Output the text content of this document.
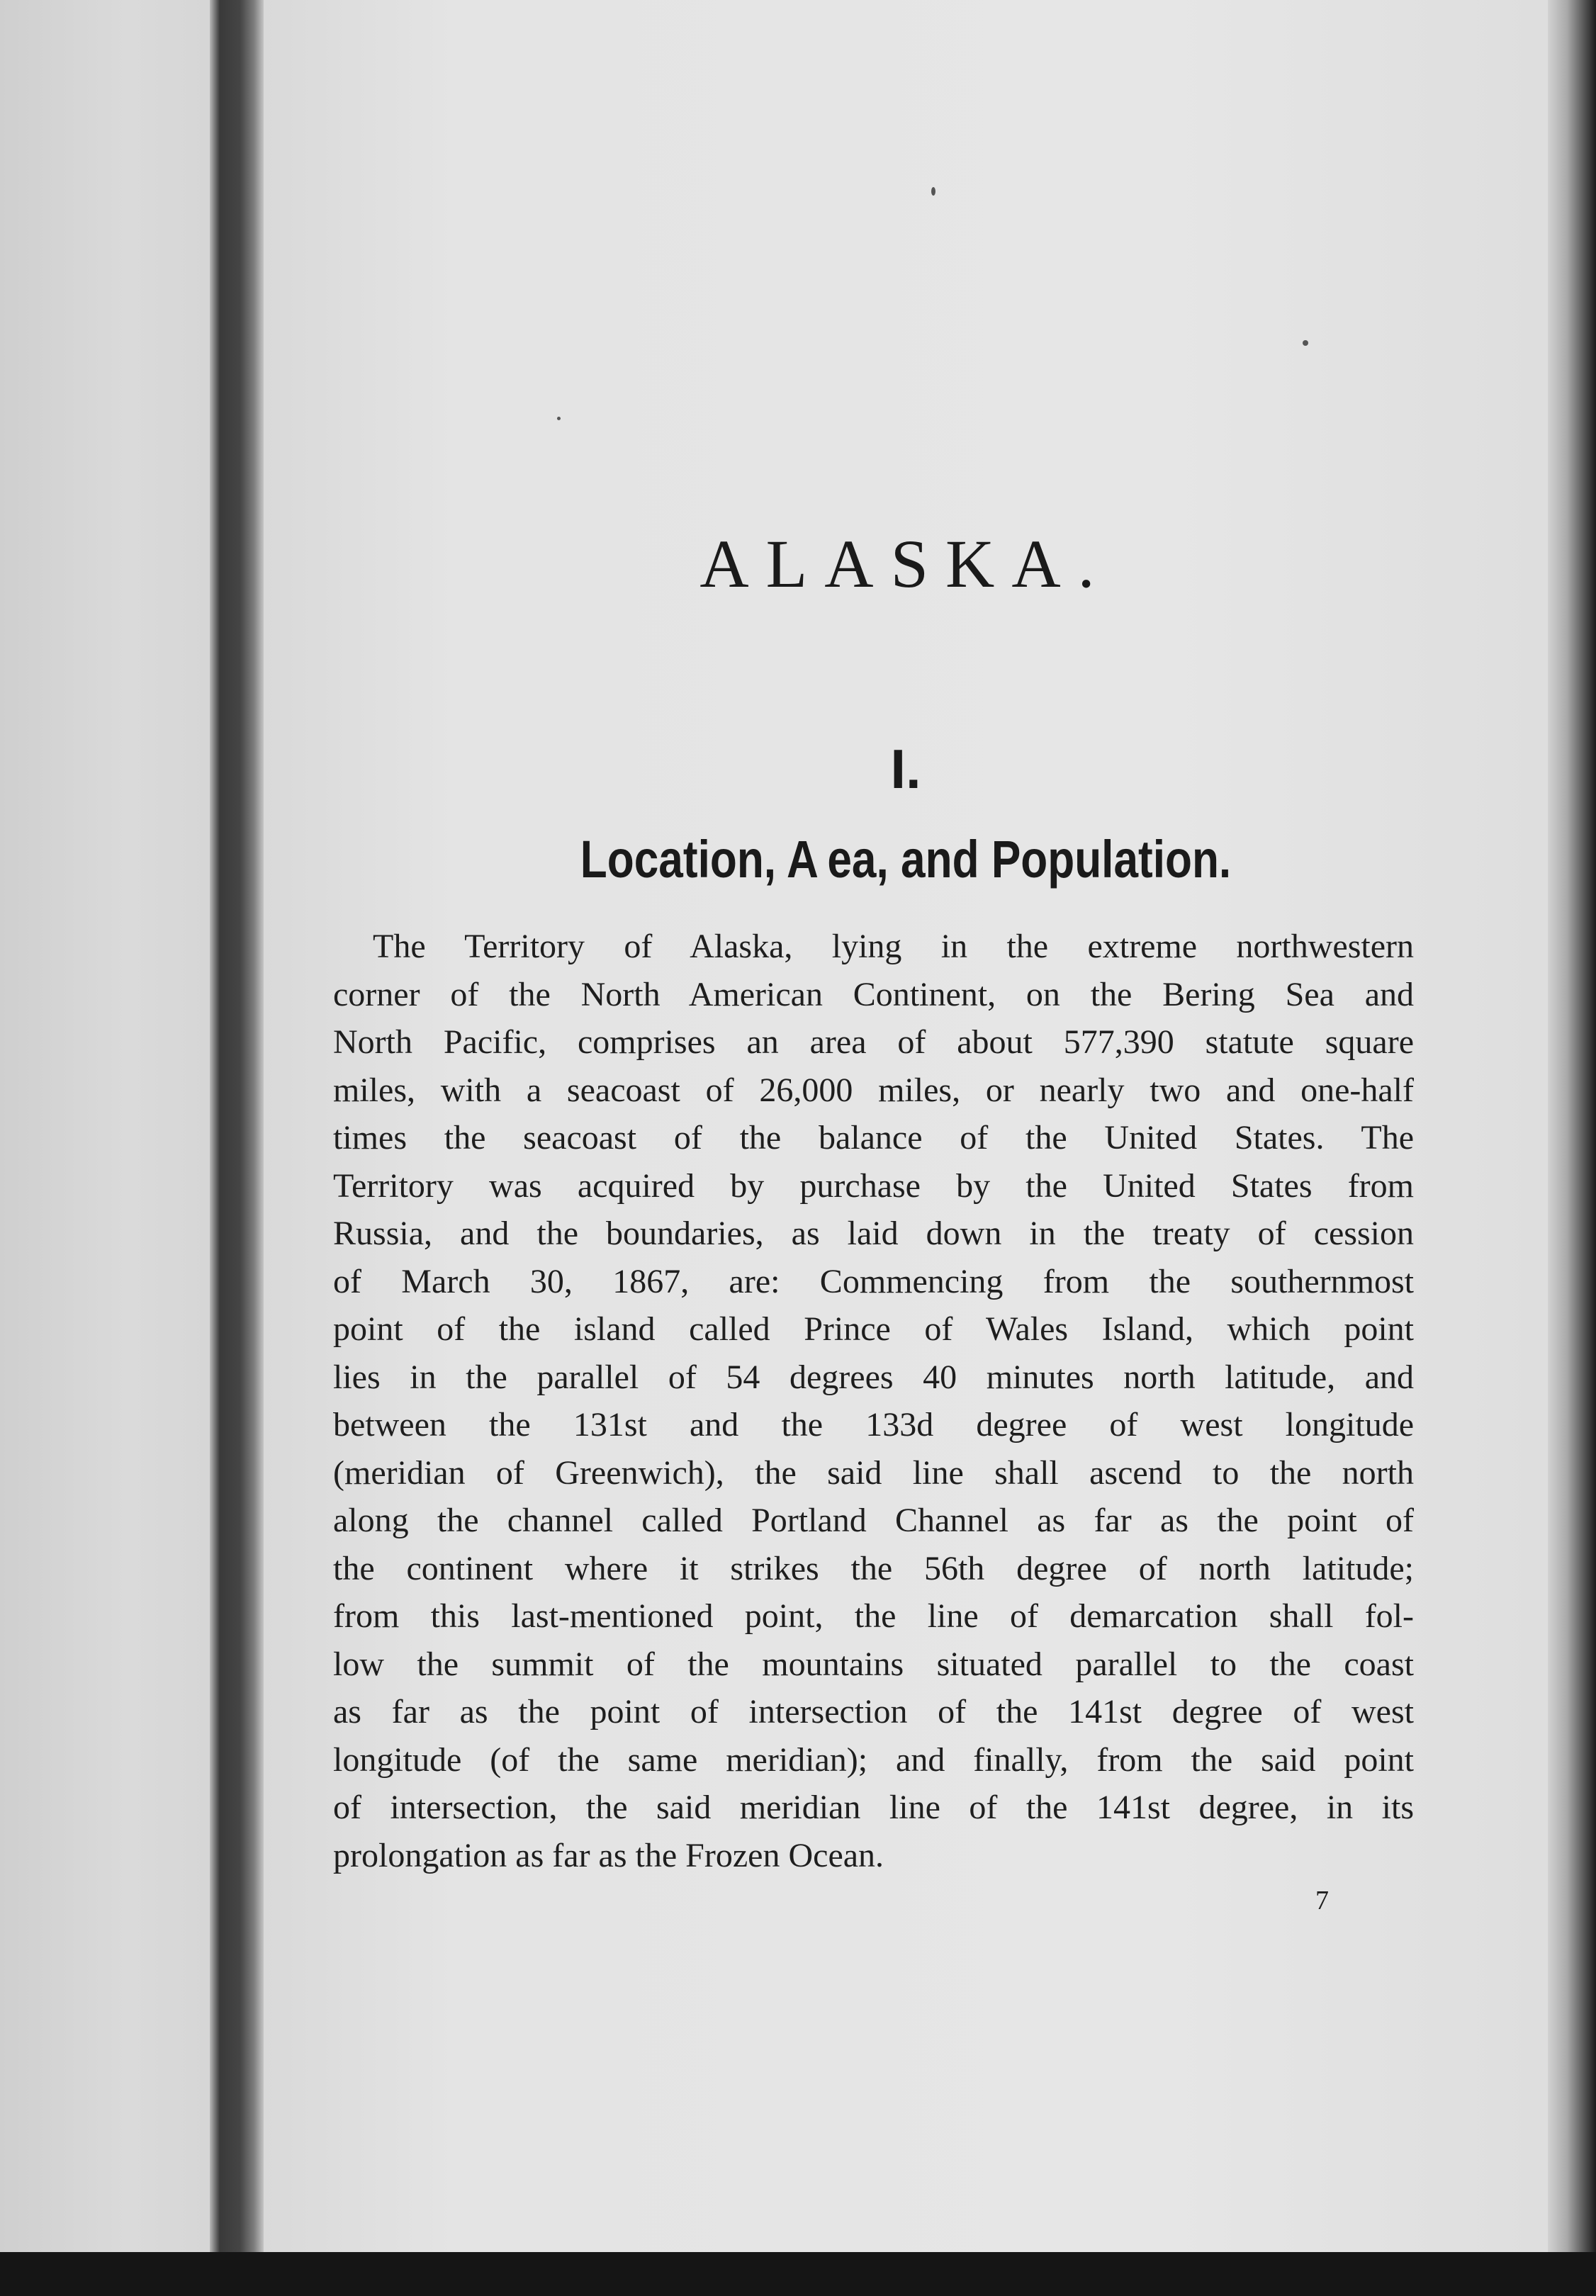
ALASKA.
I.
Location, A ea, and Population.
The Territory of Alaska, lying in the extreme northwestern
corner of the North American Continent, on the Bering Sea and
North Pacific, comprises an area of about 577,390 statute square
miles, with a seacoast of 26,000 miles, or nearly two and one-half
times the seacoast of the balance of the United States. The
Territory was acquired by purchase by the United States from
Russia, and the boundaries, as laid down in the treaty of cession
of March 30, 1867, are: Commencing from the southernmost
point of the island called Prince of Wales Island, which point
lies in the parallel of 54 degrees 40 minutes north latitude, and
between the 131st and the 133d degree of west longitude
(meridian of Greenwich), the said line shall ascend to the north
along the channel called Portland Channel as far as the point of
the continent where it strikes the 56th degree of north latitude;
from this last-mentioned point, the line of demarcation shall fol-
low the summit of the mountains situated parallel to the coast
as far as the point of intersection of the 141st degree of west
longitude (of the same meridian); and finally, from the said point
of intersection, the said meridian line of the 141st degree, in its
prolongation as far as the Frozen Ocean.

7
